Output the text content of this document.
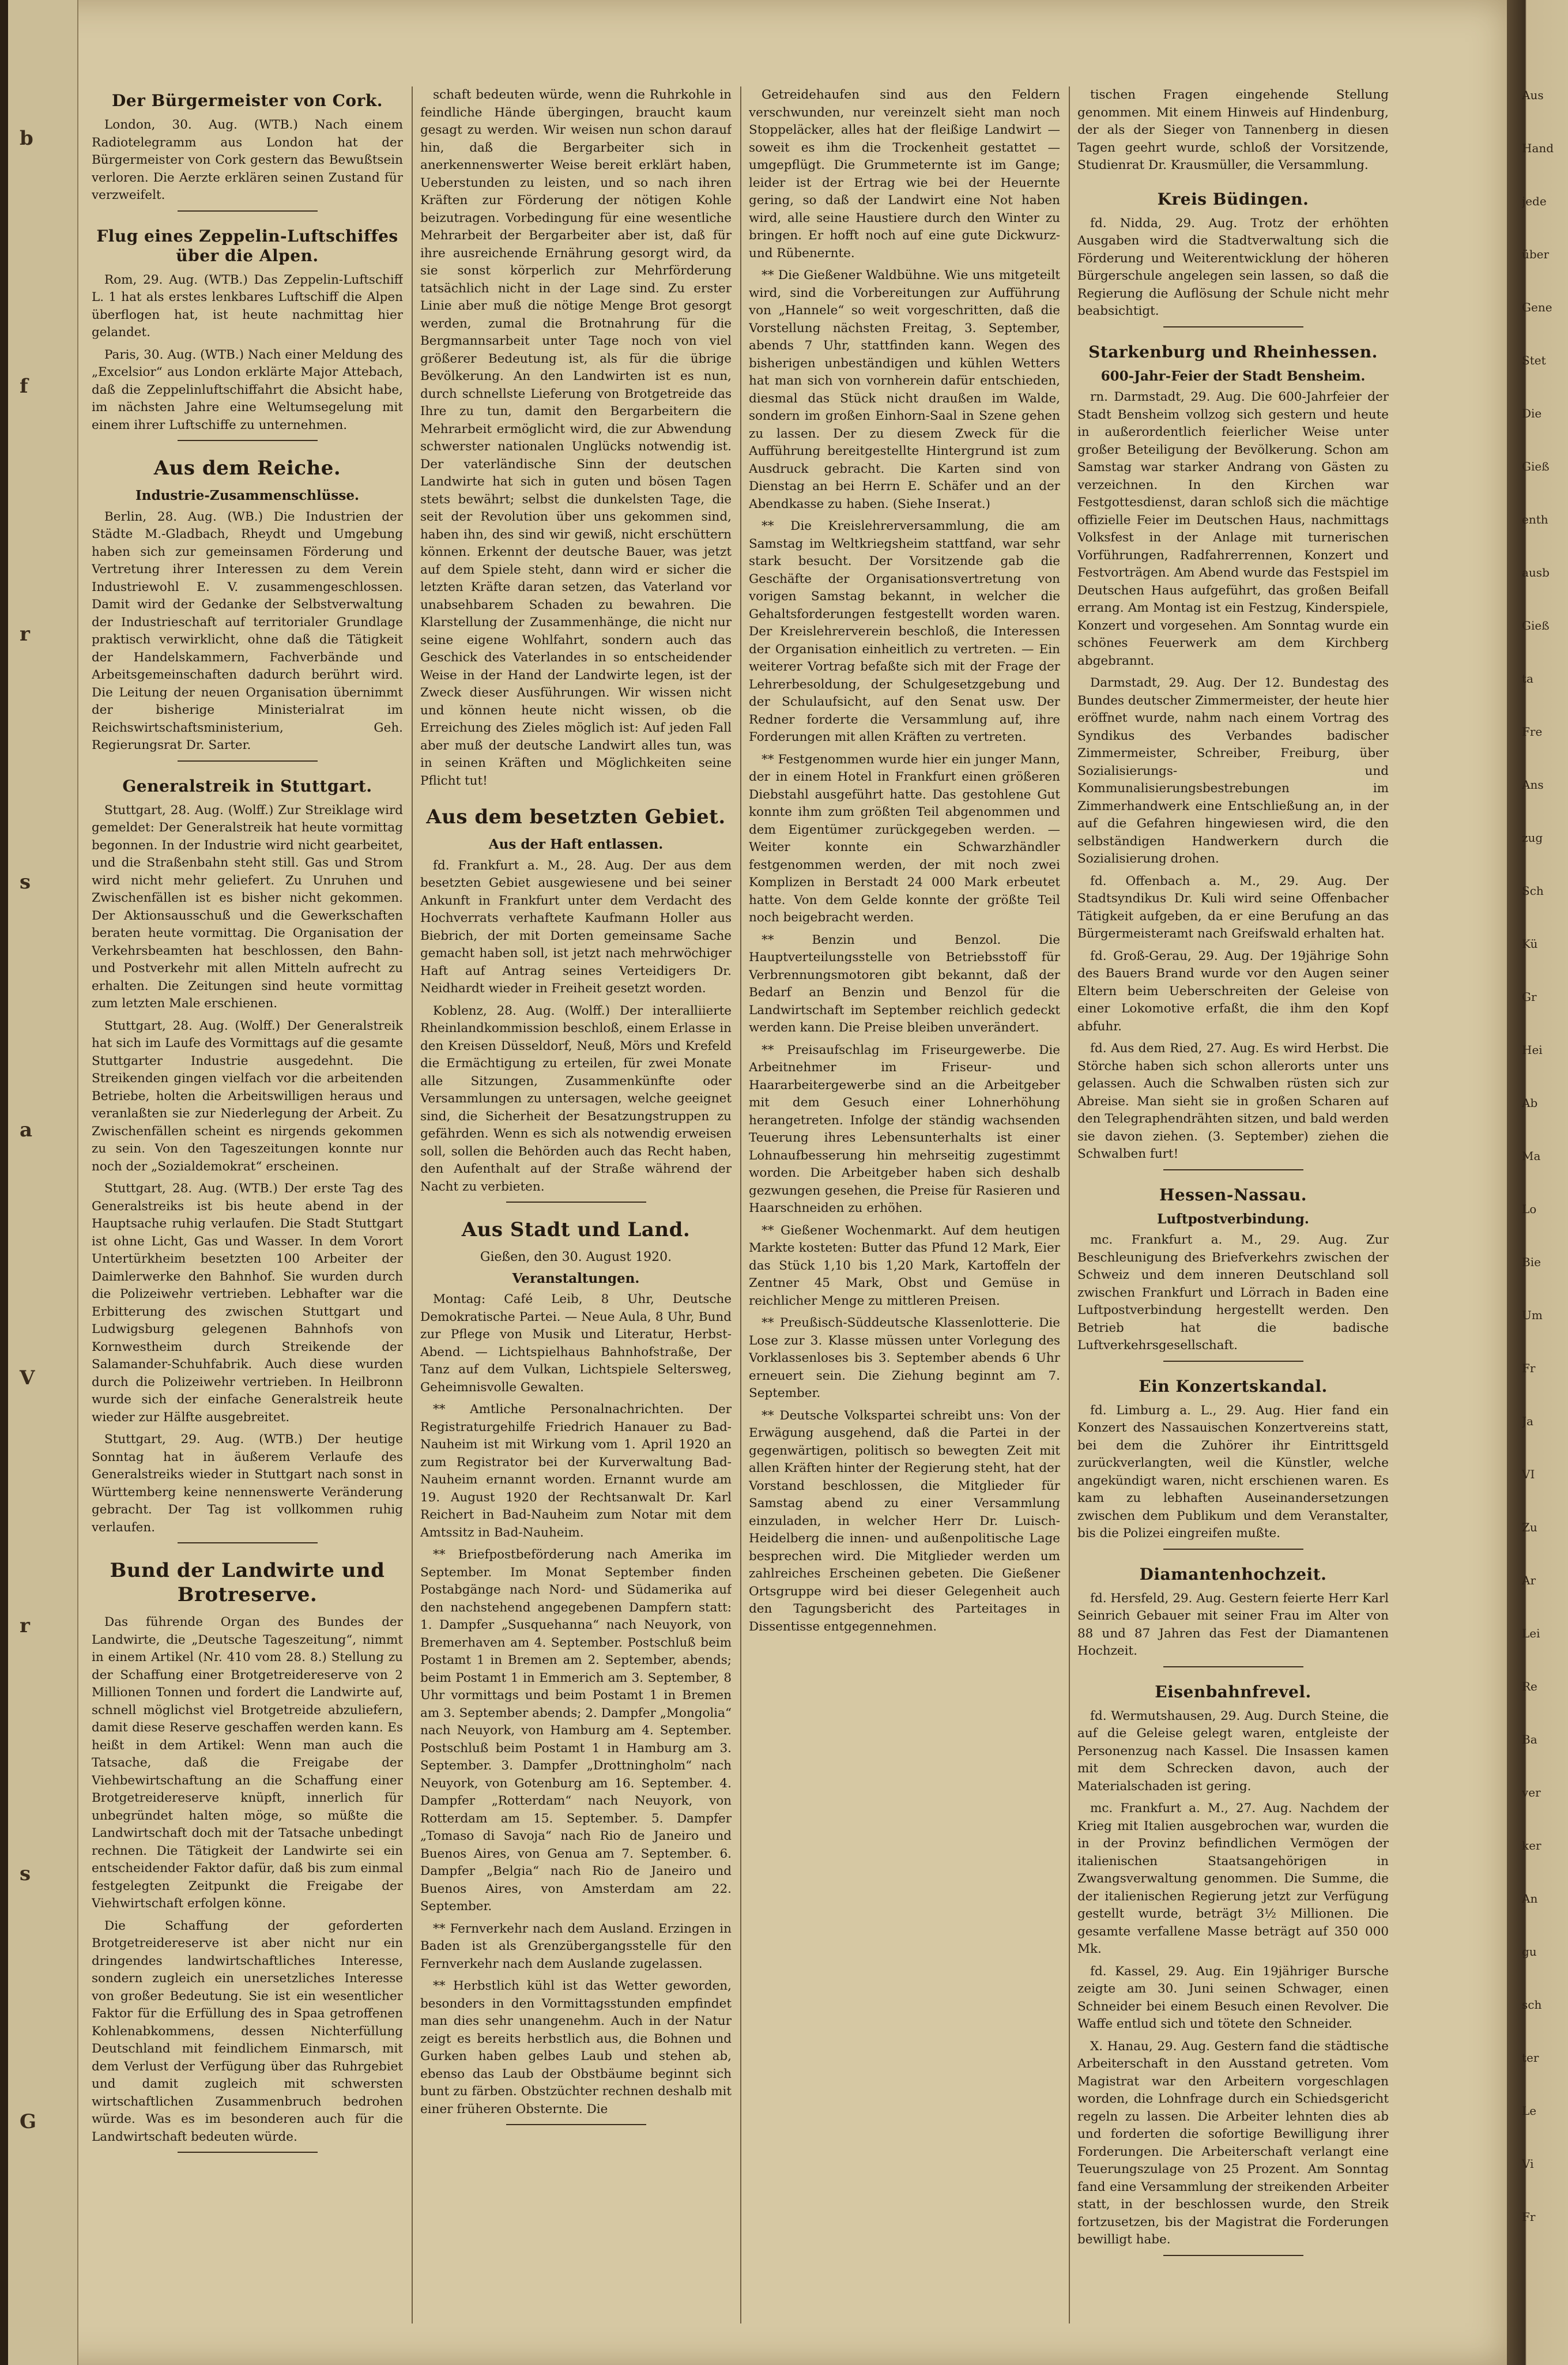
Der Bürgermeister von Cork.

London, 30. Aug. (WTB.) Nach einem Radiotelegramm aus London hat der Bürgermeister von Cork gestern das Bewußtsein verloren. Die Aerzte erklären seinen Zustand für verzweifelt.

Flug eines Zeppelin-Luftschiffes über die Alpen.

Rom, 29. Aug. (WTB.) Das Zeppelin-Luftschiff L. 1 hat als erstes lenkbares Luftschiff die Alpen überflogen hat, ist heute nachmittag hier gelandet.

Paris, 30. Aug. (WTB.) Nach einer Meldung des „Excelsior“ aus London erklärte Major Attebach, daß die Zeppelinluftschiffahrt die Absicht habe, im nächsten Jahre eine Weltumsegelung mit einem ihrer Luftschiffe zu unternehmen.

Aus dem Reiche.
Industrie-Zusammenschlüsse.

Berlin, 28. Aug. (WB.) Die Industrien der Städte M.-Gladbach, Rheydt und Umgebung haben sich zur gemeinsamen Förderung und Vertretung ihrer Interessen zu dem Verein Industriewohl E. V. zusammengeschlossen. Damit wird der Gedanke der Selbstverwaltung der Industrieschaft auf territorialer Grundlage praktisch verwirklicht, ohne daß die Tätigkeit der Handelskammern, Fachverbände und Arbeitsgemeinschaften dadurch berührt wird. Die Leitung der neuen Organisation übernimmt der bisherige Ministerialrat im Reichswirtschaftsministerium, Geh. Regierungsrat Dr. Sarter.

Generalstreik in Stuttgart.

Stuttgart, 28. Aug. (Wolff.) Zur Streiklage wird gemeldet: Der Generalstreik hat heute vormittag begonnen. In der Industrie wird nicht gearbeitet, und die Straßenbahn steht still. Gas und Strom wird nicht mehr geliefert. Zu Unruhen und Zwischenfällen ist es bisher nicht gekommen. Der Aktionsausschuß und die Gewerkschaften beraten heute vormittag. Die Organisation der Verkehrsbeamten hat beschlossen, den Bahn- und Postverkehr mit allen Mitteln aufrecht zu erhalten. Die Zeitungen sind heute vormittag zum letzten Male erschienen.

Stuttgart, 28. Aug. (Wolff.) Der Generalstreik hat sich im Laufe des Vormittags auf die gesamte Stuttgarter Industrie ausgedehnt. Die Streikenden gingen vielfach vor die arbeitenden Betriebe, holten die Arbeitswilligen heraus und veranlaßten sie zur Niederlegung der Arbeit. Zu Zwischenfällen scheint es nirgends gekommen zu sein. Von den Tageszeitungen konnte nur noch der „Sozialdemokrat“ erscheinen.

Stuttgart, 28. Aug. (WTB.) Der erste Tag des Generalstreiks ist bis heute abend in der Hauptsache ruhig verlaufen. Die Stadt Stuttgart ist ohne Licht, Gas und Wasser. In dem Vorort Untertürkheim besetzten 100 Arbeiter der Daimlerwerke den Bahnhof. Sie wurden durch die Polizeiwehr vertrieben. Lebhafter war die Erbitterung des zwischen Stuttgart und Ludwigsburg gelegenen Bahnhofs von Kornwestheim durch Streikende der Salamander-Schuhfabrik. Auch diese wurden durch die Polizeiwehr vertrieben. In Heilbronn wurde sich der einfache Generalstreik heute wieder zur Hälfte ausgebreitet.

Stuttgart, 29. Aug. (WTB.) Der heutige Sonntag hat in äußerem Verlaufe des Generalstreiks wieder in Stuttgart nach sonst in Württemberg keine nennenswerte Veränderung gebracht. Der Tag ist vollkommen ruhig verlaufen.

Bund der Landwirte und Brotreserve.

Das führende Organ des Bundes der Landwirte, die „Deutsche Tageszeitung“, nimmt in einem Artikel (Nr. 410 vom 28. 8.) Stellung zu der Schaffung einer Brotgetreidereserve von 2 Millionen Tonnen und fordert die Landwirte auf, schnell möglichst viel Brotgetreide abzuliefern, damit diese Reserve geschaffen werden kann. Es heißt in dem Artikel: Wenn man auch die Tatsache, daß die Freigabe der Viehbewirtschaftung an die Schaffung einer Brotgetreidereserve knüpft, innerlich für unbegründet halten möge, so müßte die Landwirtschaft doch mit der Tatsache unbedingt rechnen. Die Tätigkeit der Landwirte sei ein entscheidender Faktor dafür, daß bis zum einmal festgelegten Zeitpunkt die Freigabe der Viehwirtschaft erfolgen könne.

Die Schaffung der geforderten Brotgetreidereserve ist aber nicht nur ein dringendes landwirtschaftliches Interesse, sondern zugleich ein unersetzliches Interesse von großer Bedeutung. Sie ist ein wesentlicher Faktor für die Erfüllung des in Spaa getroffenen Kohlenabkommens, dessen Nichterfüllung Deutschland mit feindlichem Einmarsch, mit dem Verlust der Verfügung über das Ruhrgebiet und damit zugleich mit schwersten wirtschaftlichen Zusammenbruch bedrohen würde. Was es im besonderen auch für die Landwirtschaft bedeuten würde.

schaft bedeuten würde, wenn die Ruhrkohle in feindliche Hände übergingen, braucht kaum gesagt zu werden. Wir weisen nun schon darauf hin, daß die Bergarbeiter sich in anerkennenswerter Weise bereit erklärt haben, Ueberstunden zu leisten, und so nach ihren Kräften zur Förderung der nötigen Kohle beizutragen. Vorbedingung für eine wesentliche Mehrarbeit der Bergarbeiter aber ist, daß für ihre ausreichende Ernährung gesorgt wird, da sie sonst körperlich zur Mehrförderung tatsächlich nicht in der Lage sind. Zu erster Linie aber muß die nötige Menge Brot gesorgt werden, zumal die Brotnahrung für die Bergmannsarbeit unter Tage noch von viel größerer Bedeutung ist, als für die übrige Bevölkerung. An den Landwirten ist es nun, durch schnellste Lieferung von Brotgetreide das Ihre zu tun, damit den Bergarbeitern die Mehrarbeit ermöglicht wird, die zur Abwendung schwerster nationalen Unglücks notwendig ist. Der vaterländische Sinn der deutschen Landwirte hat sich in guten und bösen Tagen stets bewährt; selbst die dunkelsten Tage, die seit der Revolution über uns gekommen sind, haben ihn, des sind wir gewiß, nicht erschüttern können. Erkennt der deutsche Bauer, was jetzt auf dem Spiele steht, dann wird er sicher die letzten Kräfte daran setzen, das Vaterland vor unabsehbarem Schaden zu bewahren. Die Klarstellung der Zusammenhänge, die nicht nur seine eigene Wohlfahrt, sondern auch das Geschick des Vaterlandes in so entscheidender Weise in der Hand der Landwirte legen, ist der Zweck dieser Ausführungen. Wir wissen nicht und können heute nicht wissen, ob die Erreichung des Zieles möglich ist: Auf jeden Fall aber muß der deutsche Landwirt alles tun, was in seinen Kräften und Möglichkeiten seine Pflicht tut!

Aus dem besetzten Gebiet.
Aus der Haft entlassen.

fd. Frankfurt a. M., 28. Aug. Der aus dem besetzten Gebiet ausgewiesene und bei seiner Ankunft in Frankfurt unter dem Verdacht des Hochverrats verhaftete Kaufmann Holler aus Biebrich, der mit Dorten gemeinsame Sache gemacht haben soll, ist jetzt nach mehrwöchiger Haft auf Antrag seines Verteidigers Dr. Neidhardt wieder in Freiheit gesetzt worden.

Koblenz, 28. Aug. (Wolff.) Der interalliierte Rheinlandkommission beschloß, einem Erlasse in den Kreisen Düsseldorf, Neuß, Mörs und Krefeld die Ermächtigung zu erteilen, für zwei Monate alle Sitzungen, Zusammenkünfte oder Versammlungen zu untersagen, welche geeignet sind, die Sicherheit der Besatzungstruppen zu gefährden. Wenn es sich als notwendig erweisen soll, sollen die Behörden auch das Recht haben, den Aufenthalt auf der Straße während der Nacht zu verbieten.

Aus Stadt und Land.
Gießen, den 30. August 1920.
Veranstaltungen.

Montag: Café Leib, 8 Uhr, Deutsche Demokratische Partei. — Neue Aula, 8 Uhr, Bund zur Pflege von Musik und Literatur, Herbst-Abend. — Lichtspielhaus Bahnhofstraße, Der Tanz auf dem Vulkan, Lichtspiele Seltersweg, Geheimnisvolle Gewalten.

** Amtliche Personalnachrichten. Der Registraturgehilfe Friedrich Hanauer zu Bad-Nauheim ist mit Wirkung vom 1. April 1920 an zum Registrator bei der Kurverwaltung Bad-Nauheim ernannt worden. Ernannt wurde am 19. August 1920 der Rechtsanwalt Dr. Karl Reichert in Bad-Nauheim zum Notar mit dem Amtssitz in Bad-Nauheim.

** Briefpostbeförderung nach Amerika im September. Im Monat September finden Postabgänge nach Nord- und Südamerika auf den nachstehend angegebenen Dampfern statt: 1. Dampfer „Susquehanna“ nach Neuyork, von Bremerhaven am 4. September. Postschluß beim Postamt 1 in Bremen am 2. September, abends; beim Postamt 1 in Emmerich am 3. September, 8 Uhr vormittags und beim Postamt 1 in Bremen am 3. September abends; 2. Dampfer „Mongolia“ nach Neuyork, von Hamburg am 4. September. Postschluß beim Postamt 1 in Hamburg am 3. September. 3. Dampfer „Drottningholm“ nach Neuyork, von Gotenburg am 16. September. 4. Dampfer „Rotterdam“ nach Neuyork, von Rotterdam am 15. September. 5. Dampfer „Tomaso di Savoja“ nach Rio de Janeiro und Buenos Aires, von Genua am 7. September. 6. Dampfer „Belgia“ nach Rio de Janeiro und Buenos Aires, von Amsterdam am 22. September.

** Fernverkehr nach dem Ausland. Erzingen in Baden ist als Grenzübergangsstelle für den Fernverkehr nach dem Auslande zugelassen.

** Herbstlich kühl ist das Wetter geworden, besonders in den Vormittagsstunden empfindet man dies sehr unangenehm. Auch in der Natur zeigt es bereits herbstlich aus, die Bohnen und Gurken haben gelbes Laub und stehen ab, ebenso das Laub der Obstbäume beginnt sich bunt zu färben. Obstzüchter rechnen deshalb mit einer früheren Obsternte. Die

Getreidehaufen sind aus den Feldern verschwunden, nur vereinzelt sieht man noch Stoppeläcker, alles hat der fleißige Landwirt — soweit es ihm die Trockenheit gestattet — umgepflügt. Die Grummeternte ist im Gange; leider ist der Ertrag wie bei der Heuernte gering, so daß der Landwirt eine Not haben wird, alle seine Haustiere durch den Winter zu bringen. Er hofft noch auf eine gute Dickwurz- und Rübenernte.

** Die Gießener Waldbühne. Wie uns mitgeteilt wird, sind die Vorbereitungen zur Aufführung von „Hannele“ so weit vorgeschritten, daß die Vorstellung nächsten Freitag, 3. September, abends 7 Uhr, stattfinden kann. Wegen des bisherigen unbeständigen und kühlen Wetters hat man sich von vornherein dafür entschieden, diesmal das Stück nicht draußen im Walde, sondern im großen Einhorn-Saal in Szene gehen zu lassen. Der zu diesem Zweck für die Aufführung bereitgestellte Hintergrund ist zum Ausdruck gebracht. Die Karten sind von Dienstag an bei Herrn E. Schäfer und an der Abendkasse zu haben. (Siehe Inserat.)

** Die Kreislehrerversammlung, die am Samstag im Weltkriegsheim stattfand, war sehr stark besucht. Der Vorsitzende gab die Geschäfte der Organisationsvertretung von vorigen Samstag bekannt, in welcher die Gehaltsforderungen festgestellt worden waren. Der Kreislehrerverein beschloß, die Interessen der Organisation einheitlich zu vertreten. — Ein weiterer Vortrag befaßte sich mit der Frage der Lehrerbesoldung, der Schulgesetzgebung und der Schulaufsicht, auf den Senat usw. Der Redner forderte die Versammlung auf, ihre Forderungen mit allen Kräften zu vertreten.

** Festgenommen wurde hier ein junger Mann, der in einem Hotel in Frankfurt einen größeren Diebstahl ausgeführt hatte. Das gestohlene Gut konnte ihm zum größten Teil abgenommen und dem Eigentümer zurückgegeben werden. — Weiter konnte ein Schwarzhändler festgenommen werden, der mit noch zwei Komplizen in Berstadt 24 000 Mark erbeutet hatte. Von dem Gelde konnte der größte Teil noch beigebracht werden.

** Benzin und Benzol. Die Hauptverteilungsstelle von Betriebsstoff für Verbrennungsmotoren gibt bekannt, daß der Bedarf an Benzin und Benzol für die Landwirtschaft im September reichlich gedeckt werden kann. Die Preise bleiben unverändert.

** Preisaufschlag im Friseurgewerbe. Die Arbeitnehmer im Friseur- und Haararbeitergewerbe sind an die Arbeitgeber mit dem Gesuch einer Lohnerhöhung herangetreten. Infolge der ständig wachsenden Teuerung ihres Lebensunterhalts ist einer Lohnaufbesserung hin mehrseitig zugestimmt worden. Die Arbeitgeber haben sich deshalb gezwungen gesehen, die Preise für Rasieren und Haarschneiden zu erhöhen.

** Gießener Wochenmarkt. Auf dem heutigen Markte kosteten: Butter das Pfund 12 Mark, Eier das Stück 1,10 bis 1,20 Mark, Kartoffeln der Zentner 45 Mark, Obst und Gemüse in reichlicher Menge zu mittleren Preisen.

** Preußisch-Süddeutsche Klassenlotterie. Die Lose zur 3. Klasse müssen unter Vorlegung des Vorklassenloses bis 3. September abends 6 Uhr erneuert sein. Die Ziehung beginnt am 7. September.

** Deutsche Volkspartei schreibt uns: Von der Erwägung ausgehend, daß die Partei in der gegenwärtigen, politisch so bewegten Zeit mit allen Kräften hinter der Regierung steht, hat der Vorstand beschlossen, die Mitglieder für Samstag abend zu einer Versammlung einzuladen, in welcher Herr Dr. Luisch-Heidelberg die innen- und außenpolitische Lage besprechen wird. Die Mitglieder werden um zahlreiches Erscheinen gebeten. Die Gießener Ortsgruppe wird bei dieser Gelegenheit auch den Tagungsbericht des Parteitages in Dissentisse entgegennehmen.

tischen Fragen eingehende Stellung genommen. Mit einem Hinweis auf Hindenburg, der als der Sieger von Tannenberg in diesen Tagen geehrt wurde, schloß der Vorsitzende, Studienrat Dr. Krausmüller, die Versammlung.

Kreis Büdingen.

fd. Nidda, 29. Aug. Trotz der erhöhten Ausgaben wird die Stadtverwaltung sich die Förderung und Weiterentwicklung der höheren Bürgerschule angelegen sein lassen, so daß die Regierung die Auflösung der Schule nicht mehr beabsichtigt.

Starkenburg und Rheinhessen.
600-Jahr-Feier der Stadt Bensheim.

rn. Darmstadt, 29. Aug. Die 600-Jahrfeier der Stadt Bensheim vollzog sich gestern und heute in außerordentlich feierlicher Weise unter großer Beteiligung der Bevölkerung. Schon am Samstag war starker Andrang von Gästen zu verzeichnen. In den Kirchen war Festgottesdienst, daran schloß sich die mächtige offizielle Feier im Deutschen Haus, nachmittags Volksfest in der Anlage mit turnerischen Vorführungen, Radfahrerrennen, Konzert und Festvorträgen. Am Abend wurde das Festspiel im Deutschen Haus aufgeführt, das großen Beifall errang. Am Montag ist ein Festzug, Kinderspiele, Konzert und vorgesehen. Am Sonntag wurde ein schönes Feuerwerk am dem Kirchberg abgebrannt.

Darmstadt, 29. Aug. Der 12. Bundestag des Bundes deutscher Zimmermeister, der heute hier eröffnet wurde, nahm nach einem Vortrag des Syndikus des Verbandes badischer Zimmermeister, Schreiber, Freiburg, über Sozialisierungs- und Kommunalisierungsbestrebungen im Zimmerhandwerk eine Entschließung an, in der auf die Gefahren hingewiesen wird, die den selbständigen Handwerkern durch die Sozialisierung drohen.

fd. Offenbach a. M., 29. Aug. Der Stadtsyndikus Dr. Kuli wird seine Offenbacher Tätigkeit aufgeben, da er eine Berufung an das Bürgermeisteramt nach Greifswald erhalten hat.

fd. Groß-Gerau, 29. Aug. Der 19jährige Sohn des Bauers Brand wurde vor den Augen seiner Eltern beim Ueberschreiten der Geleise von einer Lokomotive erfaßt, die ihm den Kopf abfuhr.

fd. Aus dem Ried, 27. Aug. Es wird Herbst. Die Störche haben sich schon allerorts unter uns gelassen. Auch die Schwalben rüsten sich zur Abreise. Man sieht sie in großen Scharen auf den Telegraphendrähten sitzen, und bald werden sie davon ziehen. (3. September) ziehen die Schwalben furt!

Hessen-Nassau.
Luftpostverbindung.

mc. Frankfurt a. M., 29. Aug. Zur Beschleunigung des Briefverkehrs zwischen der Schweiz und dem inneren Deutschland soll zwischen Frankfurt und Lörrach in Baden eine Luftpostverbindung hergestellt werden. Den Betrieb hat die badische Luftverkehrsgesellschaft.

Ein Konzertskandal.

fd. Limburg a. L., 29. Aug. Hier fand ein Konzert des Nassauischen Konzertvereins statt, bei dem die Zuhörer ihr Eintrittsgeld zurückverlangten, weil die Künstler, welche angekündigt waren, nicht erschienen waren. Es kam zu lebhaften Auseinandersetzungen zwischen dem Publikum und dem Veranstalter, bis die Polizei eingreifen mußte.

Diamantenhochzeit.

fd. Hersfeld, 29. Aug. Gestern feierte Herr Karl Seinrich Gebauer mit seiner Frau im Alter von 88 und 87 Jahren das Fest der Diamantenen Hochzeit.

Eisenbahnfrevel.

fd. Wermutshausen, 29. Aug. Durch Steine, die auf die Geleise gelegt waren, entgleiste der Personenzug nach Kassel. Die Insassen kamen mit dem Schrecken davon, auch der Materialschaden ist gering.

mc. Frankfurt a. M., 27. Aug. Nachdem der Krieg mit Italien ausgebrochen war, wurden die in der Provinz befindlichen Vermögen der italienischen Staatsangehörigen in Zwangsverwaltung genommen. Die Summe, die der italienischen Regierung jetzt zur Verfügung gestellt wurde, beträgt 3½ Millionen. Die gesamte verfallene Masse beträgt auf 350 000 Mk.

fd. Kassel, 29. Aug. Ein 19jähriger Bursche zeigte am 30. Juni seinen Schwager, einen Schneider bei einem Besuch einen Revolver. Die Waffe entlud sich und tötete den Schneider.

X. Hanau, 29. Aug. Gestern fand die städtische Arbeiterschaft in den Ausstand getreten. Vom Magistrat war den Arbeitern vorgeschlagen worden, die Lohnfrage durch ein Schiedsgericht regeln zu lassen. Die Arbeiter lehnten dies ab und forderten die sofortige Bewilligung ihrer Forderungen. Die Arbeiterschaft verlangt eine Teuerungszulage von 25 Prozent. Am Sonntag fand eine Versammlung der streikenden Arbeiter statt, in der beschlossen wurde, den Streik fortzusetzen, bis der Magistrat die Forderungen bewilligt habe.

b
f
r
s
a
V
r
s
G
Aus
Hand
jede
über
Gene
Stet
Die
Gieß
enth
ausb
Gieß
ta
Fre
Ans
zug
Sch
Kü
Gr
Hei
Ab
Ma
Lo
Bie
Um
Fr
Ja
VI
Zu
Ar
Lei
Re
Ba
ver
ker
An
gu
sch
ter
Le
Vi
Fr
